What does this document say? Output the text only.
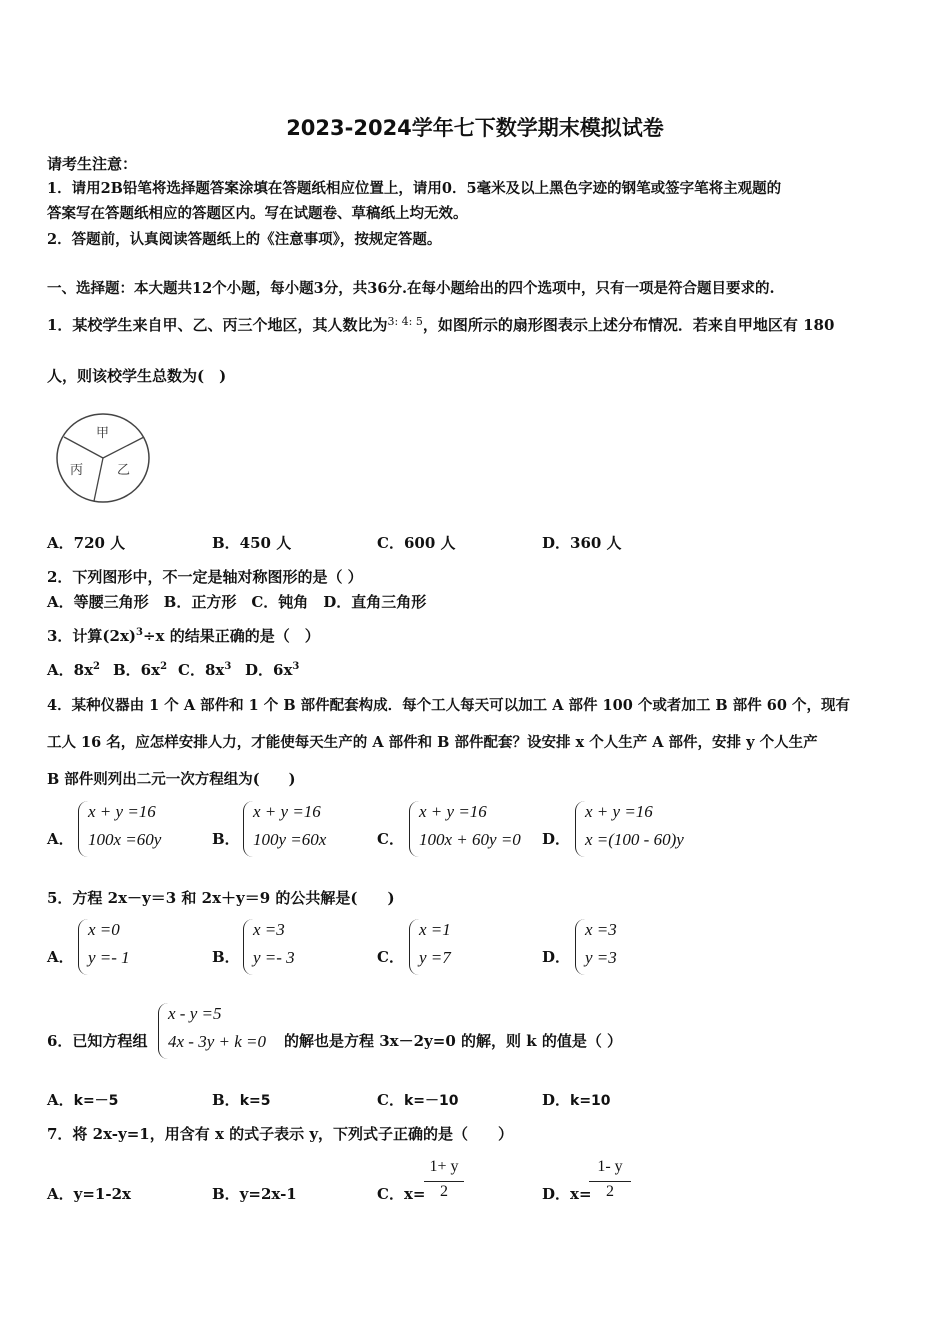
2023-2024学年七下数学期末模拟试卷
请考生注意：
1．请用2B铅笔将选择题答案涂填在答题纸相应位置上，请用0．5毫米及以上黑色字迹的钢笔或签字笔将主观题的
答案写在答题纸相应的答题区内。写在试题卷、草稿纸上均无效。
2．答题前，认真阅读答题纸上的《注意事项》，按规定答题。
一、选择题：本大题共12个小题，每小题3分，共36分.在每小题给出的四个选项中，只有一项是符合题目要求的.
1．某校学生来自甲、乙、丙三个地区，其人数比为$^{3: 4: 5}$，如图所示的扇形图表示上述分布情况．若来自甲地区有 180
人，则该校学生总数为(　)
甲
乙
丙
A．720 人	B．450 人	C．600 人	D．360 人
2．下列图形中，不一定是轴对称图形的是（ ）
A．等腰三角形　B．正方形　C．钝角　D．直角三角形
3．计算$(2x)^3\div x$ 的结果正确的是（　）
A．$8x^2$ B．$6x^2$ C．$8x^3$ D．$6x^3$
4．某种仪器由 1 个 A 部件和 1 个 B 部件配套构成．每个工人每天可以加工 A 部件 100 个或者加工 B 部件 60 个，现有
工人 16 名，应怎样安排人力，才能使每天生产的 A 部件和 B 部件配套？设安排 x 个人生产 A 部件，安排 y 个人生产
B 部件则列出二元一次方程组为(　　)
A．
x + y =16
100x =60y	B．
x + y =16
100y =60x	C．
x + y =16
100x + 60y =0 D．
x + y =16
x =(100 - 60)y
5．方程 2x－y＝3 和 2x＋y＝9 的公共解是(　　)
A．
x =0
y =- 1	B．
x =3
y =- 3	C．
x =1
y =7	D．
x =3
y =3
6．已知方程组
x - y =5
4x - 3y + k =0 的解也是方程 3x－2y=0 的解，则 k 的值是（ ）
A．k=－5	B．k=5	C．k=－10	D．k=10
7．将 2x-y=1，用含有 x 的式子表示 y，下列式子正确的是（　　）
A．y=1-2x	B．y=2x-1	C．x=
1+ y
2	D．x=
1- y
2
